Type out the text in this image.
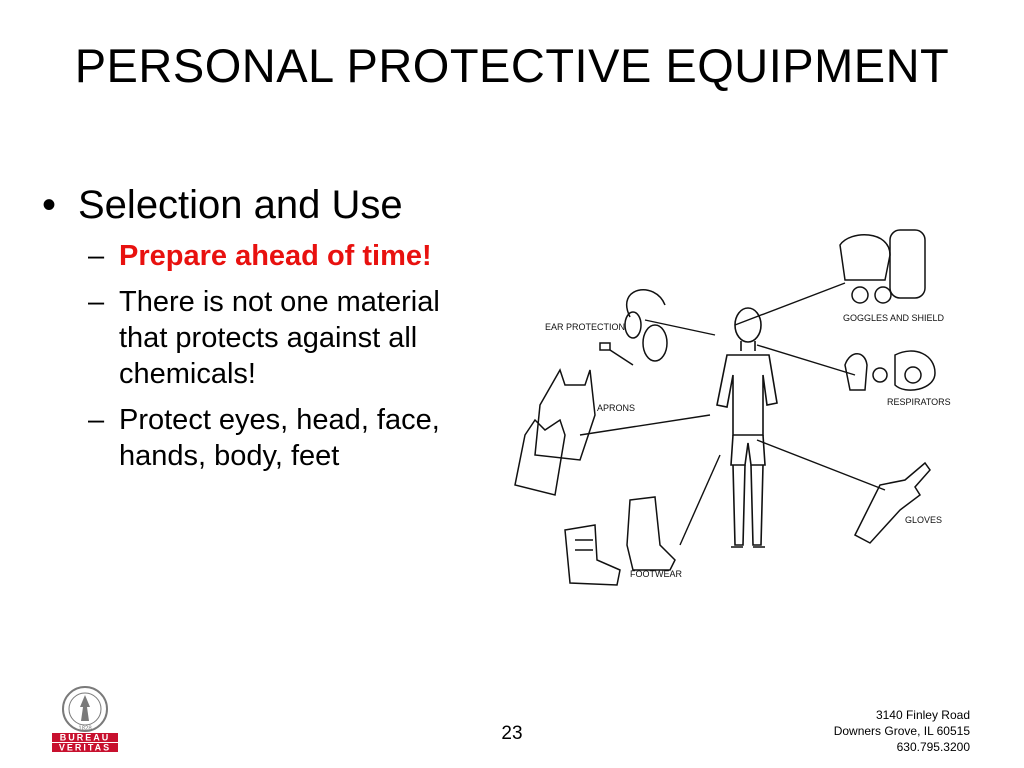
PERSONAL PROTECTIVE EQUIPMENT
• Selection and Use
– Prepare ahead of time!
– There is not one material that protects against all chemicals!
– Protect eyes, head, face, hands, body, feet
EAR PROTECTION
GOGGLES AND SHIELD
APRONS
RESPIRATORS
GLOVES
FOOTWEAR
1828
BUREAU
VERITAS
23
3140 Finley Road
Downers Grove, IL 60515
630.795.3200
